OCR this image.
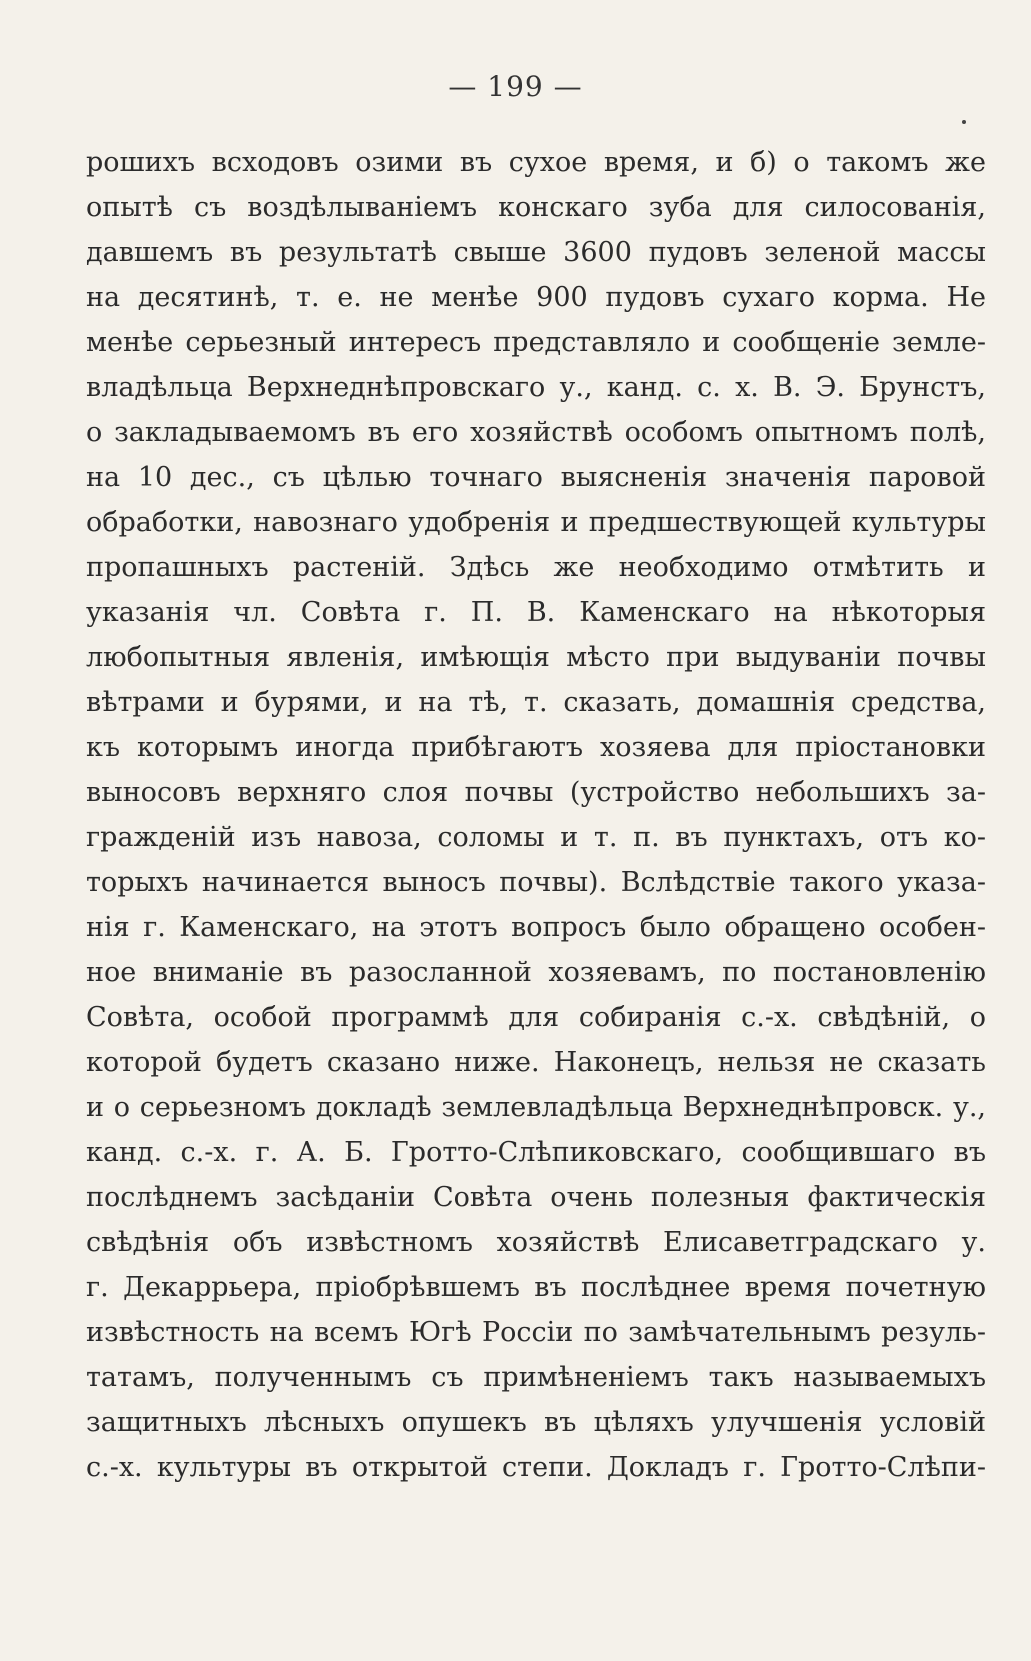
— 199 —
рошихъ всходовъ озими въ сухое время, и б) о такомъ же
опытѣ съ воздѣлываніемъ конскаго зуба для силосованія,
давшемъ въ результатѣ свыше 3600 пудовъ зеленой массы
на десятинѣ, т. е. не менѣе 900 пудовъ сухаго корма. Не
менѣе серьезный интересъ представляло и сообщеніе земле-
владѣльца Верхнеднѣпровскаго у., канд. с. х. В. Э. Брунстъ,
о закладываемомъ въ его хозяйствѣ особомъ опытномъ полѣ,
на 10 дес., съ цѣлью точнаго выясненія значенія паровой
обработки, навознаго удобренія и предшествующей культуры
пропашныхъ растеній. Здѣсь же необходимо отмѣтить и
указанія чл. Совѣта г. П. В. Каменскаго на нѣкоторыя
любопытныя явленія, имѣющія мѣсто при выдуваніи почвы
вѣтрами и бурями, и на тѣ, т. сказать, домашнія средства,
къ которымъ иногда прибѣгаютъ хозяева для пріостановки
выносовъ верхняго слоя почвы (устройство небольшихъ за-
гражденій изъ навоза, соломы и т. п. въ пунктахъ, отъ ко-
торыхъ начинается выносъ почвы). Вслѣдствіе такого указа-
нія г. Каменскаго, на этотъ вопросъ было обращено особен-
ное вниманіе въ разосланной хозяевамъ, по постановленію
Совѣта, особой программѣ для собиранія с.-х. свѣдѣній, о
которой будетъ сказано ниже. Наконецъ, нельзя не сказать
и о серьезномъ докладѣ землевладѣльца Верхнеднѣпровск. у.,
канд. с.-х. г. А. Б. Гротто-Слѣпиковскаго, сообщившаго въ
послѣднемъ засѣданіи Совѣта очень полезныя фактическія
свѣдѣнія объ извѣстномъ хозяйствѣ Елисаветградскаго у.
г. Декаррьера, пріобрѣвшемъ въ послѣднее время почетную
извѣстность на всемъ Югѣ Россіи по замѣчательнымъ резуль-
татамъ, полученнымъ съ примѣненіемъ такъ называемыхъ
защитныхъ лѣсныхъ опушекъ въ цѣляхъ улучшенія условій
с.-х. культуры въ открытой степи. Докладъ г. Гротто-Слѣпи-
